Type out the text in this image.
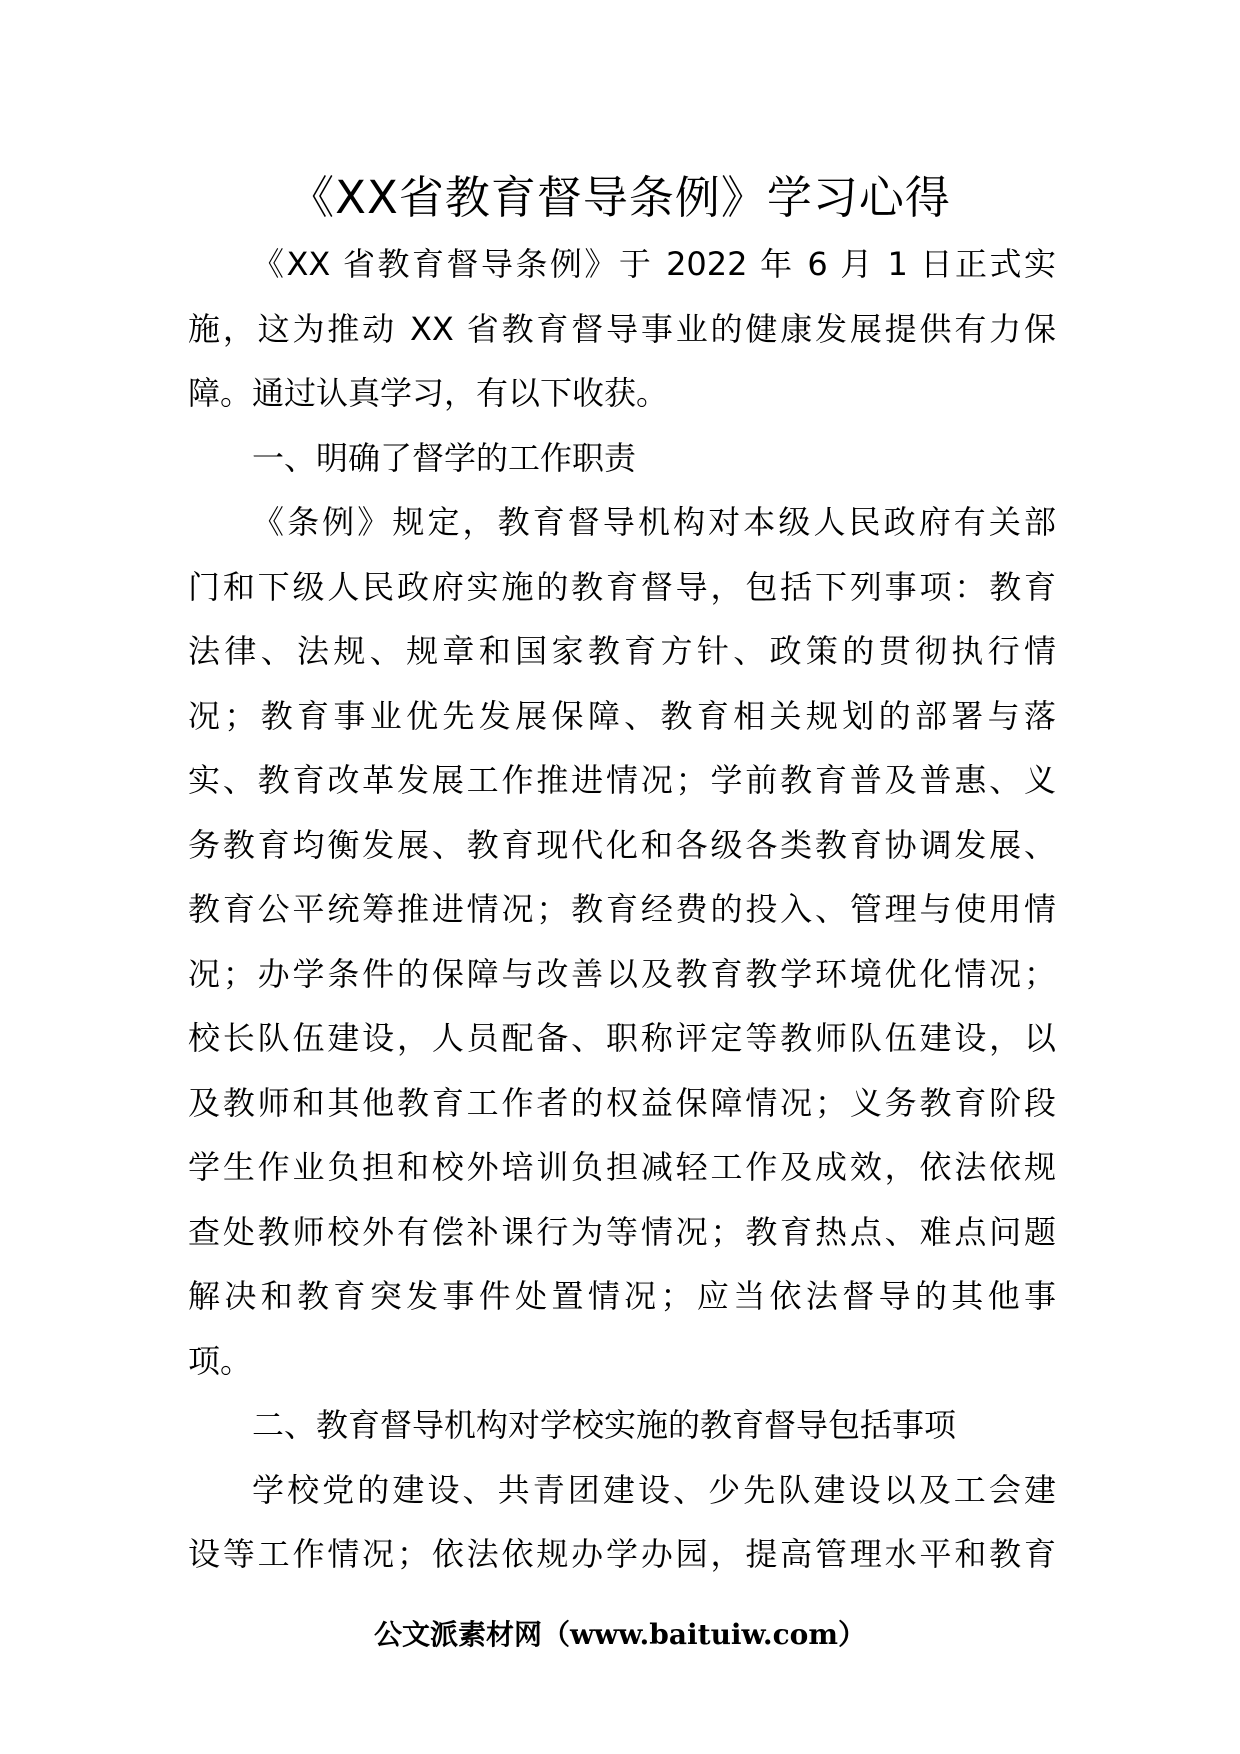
《XX省教育督导条例》学习心得
《XX 省教育督导条例》于 2022 年 6 月 1 日正式实
施，这为推动 XX 省教育督导事业的健康发展提供有力保
障。通过认真学习，有以下收获。
一、明确了督学的工作职责
《条例》规定，教育督导机构对本级人民政府有关部
门和下级人民政府实施的教育督导，包括下列事项：教育
法律、法规、规章和国家教育方针、政策的贯彻执行情
况；教育事业优先发展保障、教育相关规划的部署与落
实、教育改革发展工作推进情况；学前教育普及普惠、义
务教育均衡发展、教育现代化和各级各类教育协调发展、
教育公平统筹推进情况；教育经费的投入、管理与使用情
况；办学条件的保障与改善以及教育教学环境优化情况；
校长队伍建设，人员配备、职称评定等教师队伍建设，以
及教师和其他教育工作者的权益保障情况；义务教育阶段
学生作业负担和校外培训负担减轻工作及成效，依法依规
查处教师校外有偿补课行为等情况；教育热点、难点问题
解决和教育突发事件处置情况；应当依法督导的其他事
项。
二、教育督导机构对学校实施的教育督导包括事项
学校党的建设、共青团建设、少先队建设以及工会建
设等工作情况；依法依规办学办园，提高管理水平和教育
公文派素材网（www.baituiw.com）
